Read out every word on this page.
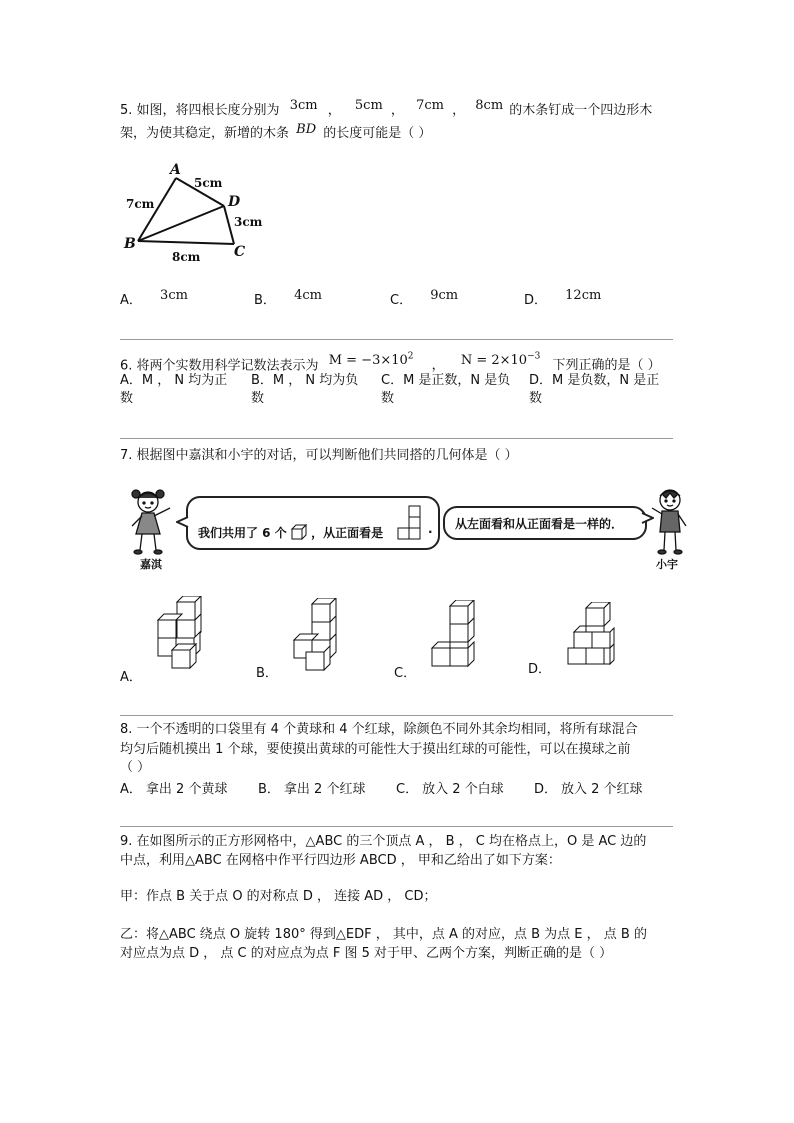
5. 如图，将四根长度分别为 3cm ， 5cm ， 7cm ， 8cm 的木条钉成一个四边形木
架，为使其稳定，新增的木条 BD 的长度可能是（ ）
A
B	C
D
7cm
5cm
3cm
8cm
A． 3cm	B． 4cm	C． 9cm	D． 12cm
6. 将两个实数用科学记数法表示为 $M = -3\times 10^2$ ， $N = 2\times 10^{-3}$ 下列正确的是（ ）
A．M ， N 均为正
数
B．M ， N 均为负
数
C．M 是正数，N 是负
数
D．M 是负数，N 是正
数
7. 根据图中嘉淇和小宇的对话，可以判断他们共同搭的几何体是（ ）
嘉淇
我们共用了 6 个 ，从正面看是	. 从左面看和从正面看是一样的．
小宇
A．	B．	C．	D．
8. 一个不透明的口袋里有 4 个黄球和 4 个红球，除颜色不同外其余均相同，将所有球混合
均匀后随机摸出 1 个球，要使摸出黄球的可能性大于摸出红球的可能性，可以在摸球之前
（ ）
A． 拿出 2 个黄球 B． 拿出 2 个红球 C． 放入 2 个白球 D． 放入 2 个红球
9. 在如图所示的正方形网格中，△ABC 的三个顶点 A ， B ， C 均在格点上，O 是 AC 边的
中点，利用△ABC 在网格中作平行四边形 ABCD ， 甲和乙给出了如下方案：
甲：作点 B 关于点 O 的对称点 D ， 连接 AD ， CD；
乙：将△ABC 绕点 O 旋转 180° 得到△EDF ， 其中，点 A 的对应，点 B 为点 E ， 点 B 的
对应点为点 D ， 点 C 的对应点为点 F 图 5 对于甲、乙两个方案，判断正确的是（ ）
